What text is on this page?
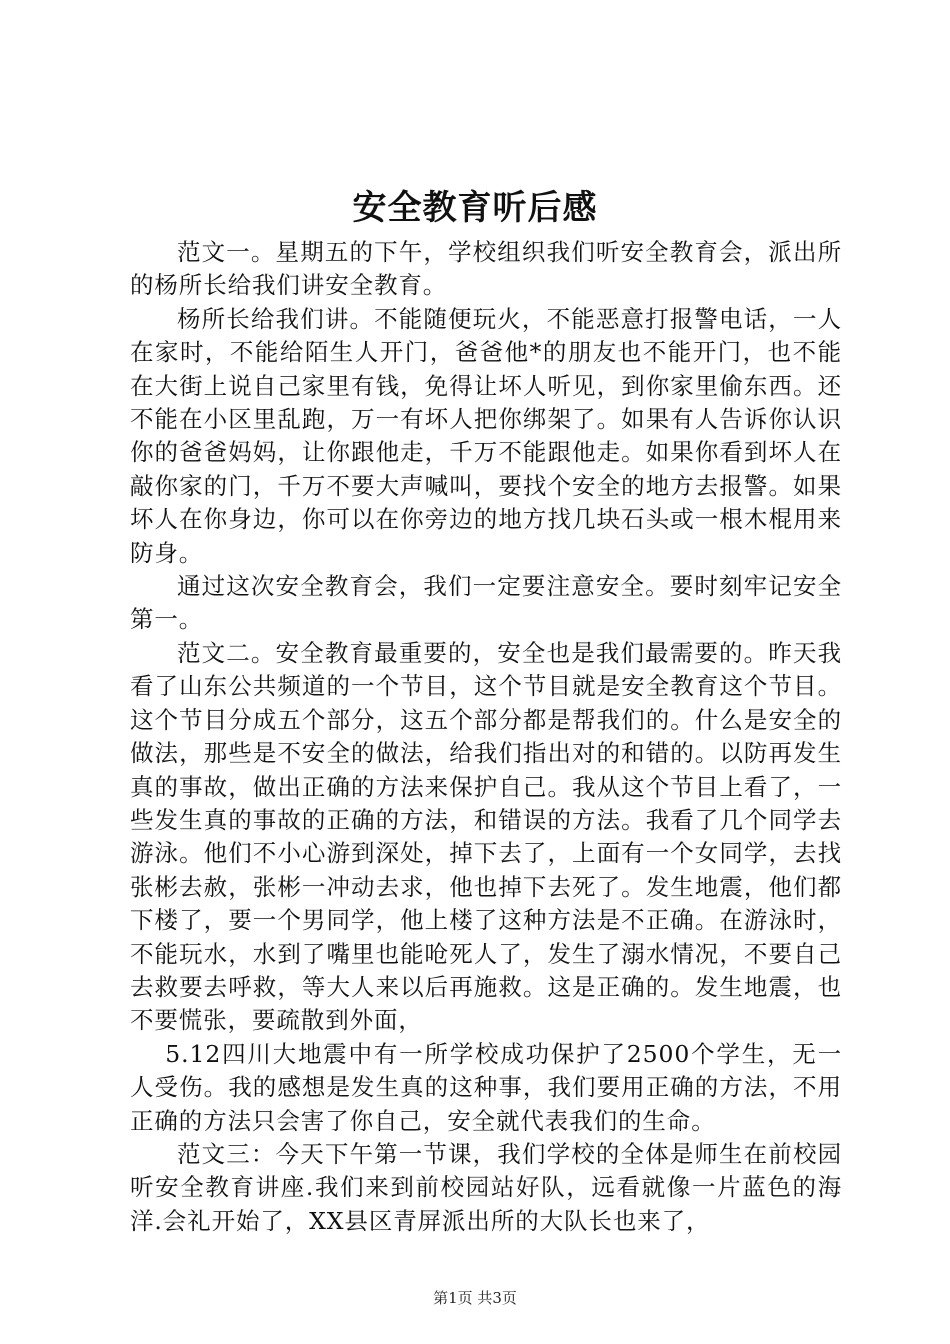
安全教育听后感

范文一。星期五的下午，学校组织我们听安全教育会，派出所的杨所长给我们讲安全教育。

杨所长给我们讲。不能随便玩火，不能恶意打报警电话，一人在家时，不能给陌生人开门，爸爸他*的朋友也不能开门，也不能在大街上说自己家里有钱，免得让坏人听见，到你家里偷东西。还不能在小区里乱跑，万一有坏人把你绑架了。如果有人告诉你认识你的爸爸妈妈，让你跟他走，千万不能跟他走。如果你看到坏人在敲你家的门，千万不要大声喊叫，要找个安全的地方去报警。如果坏人在你身边，你可以在你旁边的地方找几块石头或一根木棍用来防身。

通过这次安全教育会，我们一定要注意安全。要时刻牢记安全第一。

范文二。安全教育最重要的，安全也是我们最需要的。昨天我看了山东公共频道的一个节目，这个节目就是安全教育这个节目。这个节目分成五个部分，这五个部分都是帮我们的。什么是安全的做法，那些是不安全的做法，给我们指出对的和错的。以防再发生真的事故，做出正确的方法来保护自己。我从这个节目上看了，一些发生真的事故的正确的方法，和错误的方法。我看了几个同学去游泳。他们不小心游到深处，掉下去了，上面有一个女同学，去找张彬去赦，张彬一冲动去求，他也掉下去死了。发生地震，他们都下楼了，要一个男同学，他上楼了这种方法是不正确。在游泳时，不能玩水，水到了嘴里也能呛死人了，发生了溺水情况，不要自己去救要去呼救，等大人来以后再施救。这是正确的。发生地震，也不要慌张，要疏散到外面，

5.12四川大地震中有一所学校成功保护了2500个学生，无一人受伤。我的感想是发生真的这种事，我们要用正确的方法，不用正确的方法只会害了你自己，安全就代表我们的生命。

范文三：今天下午第一节课，我们学校的全体是师生在前校园听安全教育讲座.我们来到前校园站好队，远看就像一片蓝色的海洋.会礼开始了，XX县区青屏派出所的大队长也来了，

第1页 共3页
